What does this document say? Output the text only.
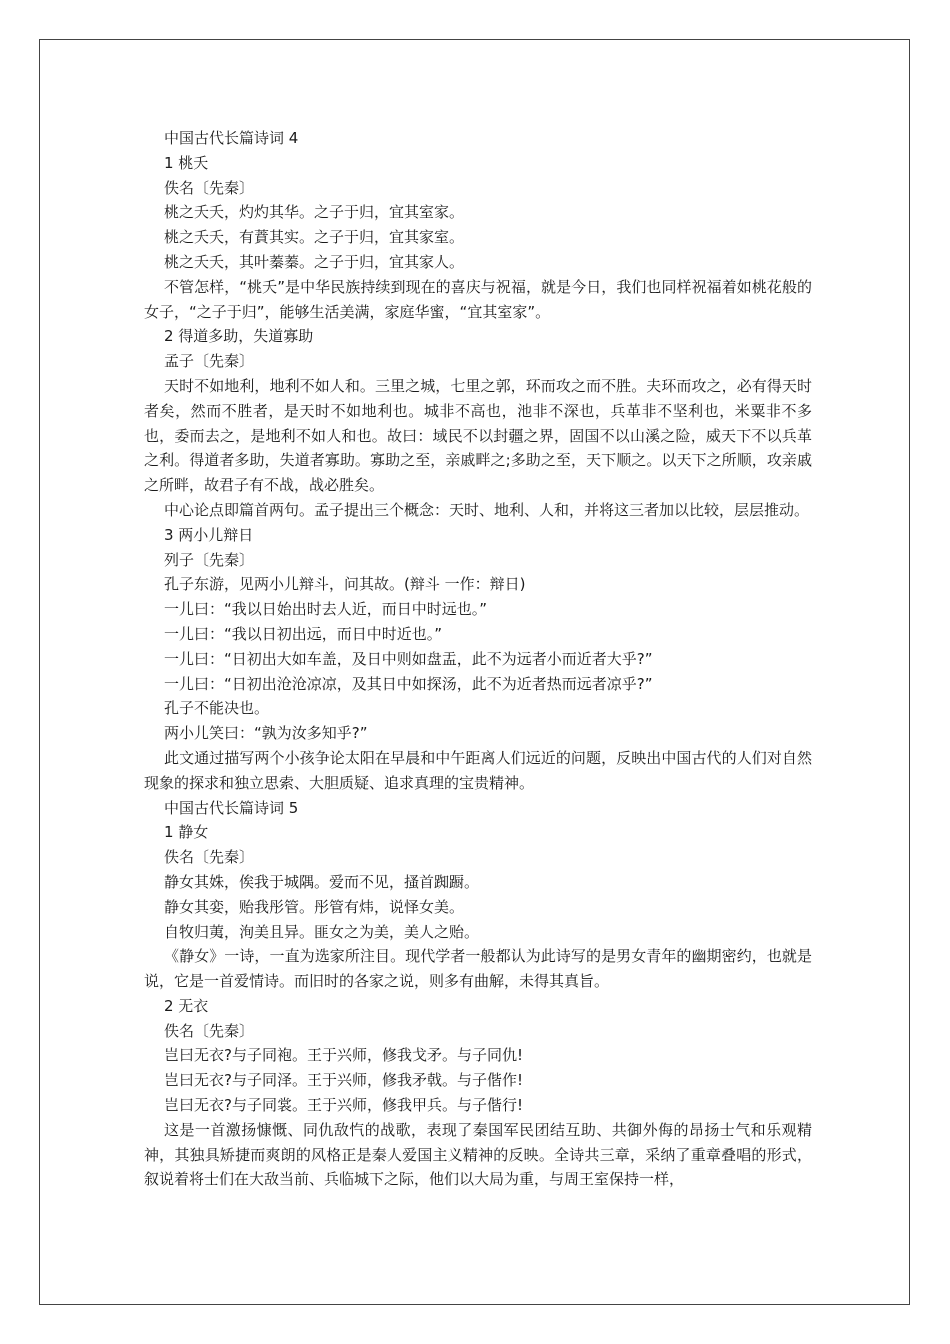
中国古代长篇诗词 4
1 桃夭
佚名〔先秦〕
桃之夭夭，灼灼其华。之子于归，宜其室家。
桃之夭夭，有蕡其实。之子于归，宜其家室。
桃之夭夭，其叶蓁蓁。之子于归，宜其家人。
不管怎样，“桃夭”是中华民族持续到现在的喜庆与祝福，就是今日，我们也同样祝福着如桃花般的女子，“之子于归”，能够生活美满，家庭华蜜，“宜其室家”。
2 得道多助，失道寡助
孟子〔先秦〕
天时不如地利，地利不如人和。三里之城，七里之郭，环而攻之而不胜。夫环而攻之，必有得天时者矣，然而不胜者，是天时不如地利也。城非不高也，池非不深也，兵革非不坚利也，米粟非不多也，委而去之，是地利不如人和也。故曰：域民不以封疆之界，固国不以山溪之险，威天下不以兵革之利。得道者多助，失道者寡助。寡助之至，亲戚畔之;多助之至，天下顺之。以天下之所顺，攻亲戚之所畔，故君子有不战，战必胜矣。
中心论点即篇首两句。孟子提出三个概念：天时、地利、人和，并将这三者加以比较，层层推动。
3 两小儿辩日
列子〔先秦〕
孔子东游，见两小儿辩斗，问其故。(辩斗 一作：辩日)
一儿曰：“我以日始出时去人近，而日中时远也。”
一儿曰：“我以日初出远，而日中时近也。”
一儿曰：“日初出大如车盖，及日中则如盘盂，此不为远者小而近者大乎?”
一儿曰：“日初出沧沧凉凉，及其日中如探汤，此不为近者热而远者凉乎?”
孔子不能决也。
两小儿笑曰：“孰为汝多知乎?”
此文通过描写两个小孩争论太阳在早晨和中午距离人们远近的问题，反映出中国古代的人们对自然现象的探求和独立思索、大胆质疑、追求真理的宝贵精神。
中国古代长篇诗词 5
1 静女
佚名〔先秦〕
静女其姝，俟我于城隅。爱而不见，搔首踟蹰。
静女其娈，贻我彤管。彤管有炜，说怿女美。
自牧归荑，洵美且异。匪女之为美，美人之贻。
《静女》一诗，一直为选家所注目。现代学者一般都认为此诗写的是男女青年的幽期密约，也就是说，它是一首爱情诗。而旧时的各家之说，则多有曲解，未得其真旨。
2 无衣
佚名〔先秦〕
岂曰无衣?与子同袍。王于兴师，修我戈矛。与子同仇!
岂曰无衣?与子同泽。王于兴师，修我矛戟。与子偕作!
岂曰无衣?与子同裳。王于兴师，修我甲兵。与子偕行!
这是一首激扬慷慨、同仇敌忾的战歌，表现了秦国军民团结互助、共御外侮的昂扬士气和乐观精神，其独具矫捷而爽朗的风格正是秦人爱国主义精神的反映。全诗共三章，采纳了重章叠唱的形式，叙说着将士们在大敌当前、兵临城下之际，他们以大局为重，与周王室保持一样，
